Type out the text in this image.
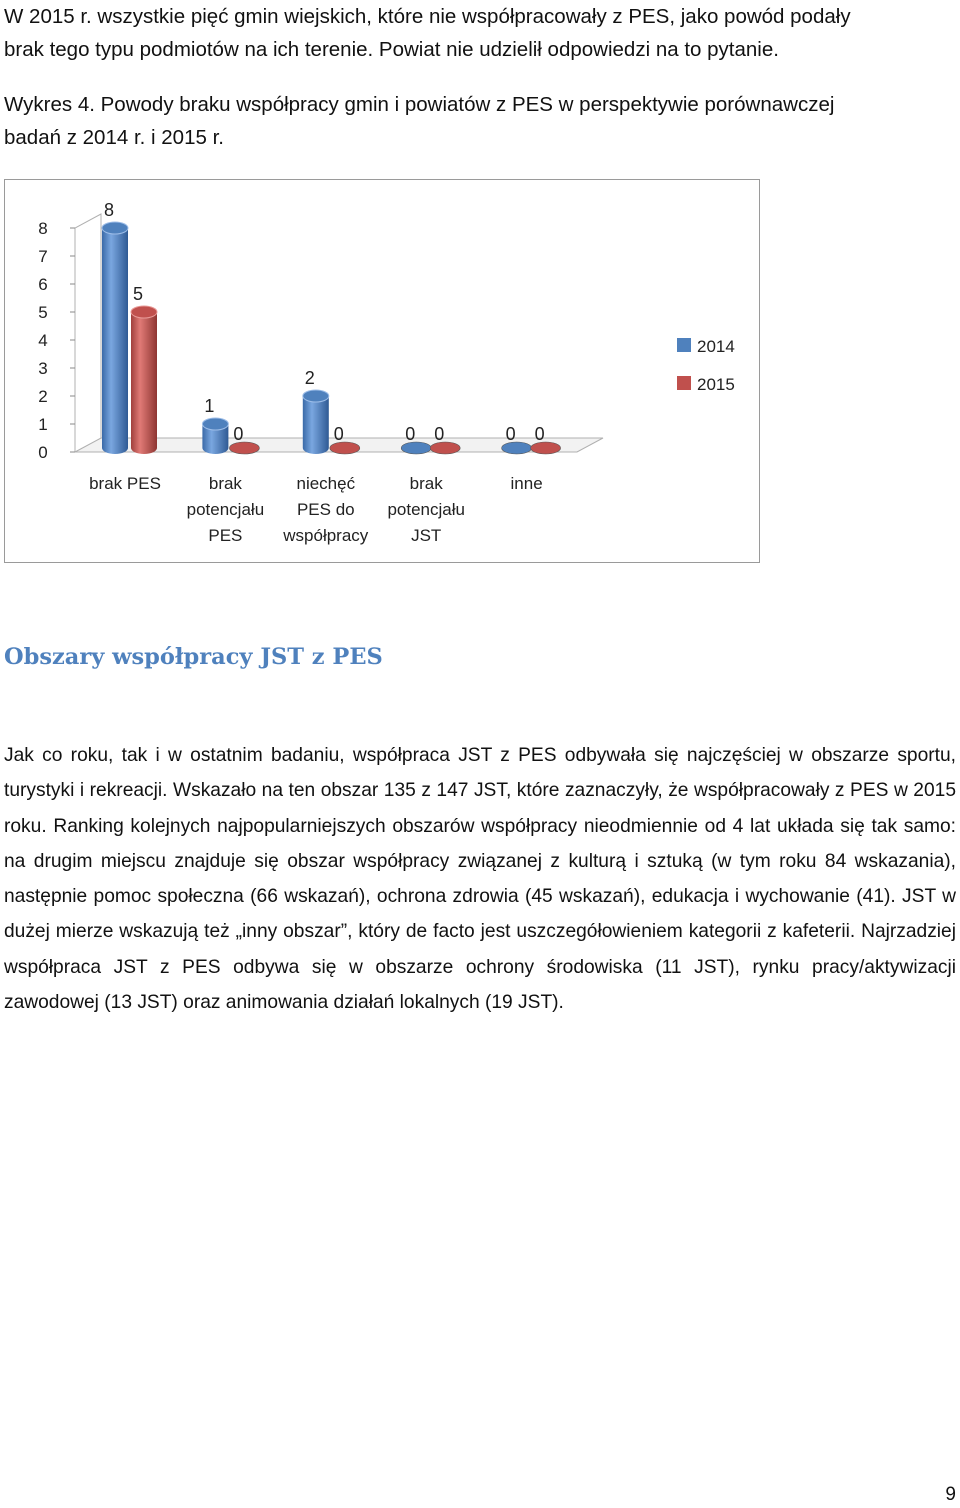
W 2015 r. wszystkie pięć gmin wiejskich, które nie współpracowały z PES, jako powód podały
brak tego typu podmiotów na ich terenie. Powiat nie udzielił odpowiedzi na to pytanie.

Wykres 4. Powody braku współpracy gmin i powiatów z PES w perspektywie porównawczej
badań z 2014 r. i 2015 r.

0
1
2
3
4
5
6
7
8
8
1
2
0	0
5
0	0	0	0
brak PES	brak
potencjału
PES
niechęć
PES do
współpracy
brak
potencjału
JST
inne
2014
2015
Obszary współpracy JST z PES

Jak co roku, tak i w ostatnim badaniu, współpraca JST z PES odbywała się najczęściej w obszarze sportu, turystyki i rekreacji. Wskazało na ten obszar 135 z 147 JST, które zaznaczyły, że współpracowały z PES w 2015 roku. Ranking kolejnych najpopularniejszych obszarów współpracy nieodmiennie od 4 lat układa się tak samo: na drugim miejscu znajduje się obszar współpracy związanej z kulturą i sztuką (w tym roku 84 wskazania), następnie pomoc społeczna (66 wskazań), ochrona zdrowia (45 wskazań), edukacja i wychowanie (41). JST w dużej mierze wskazują też „inny obszar”, który de facto jest uszczegółowieniem kategorii z kafeterii. Najrzadziej współpraca JST z PES odbywa się w obszarze ochrony środowiska (11 JST), rynku pracy/aktywizacji zawodowej (13 JST) oraz animowania działań lokalnych (19 JST).

9
